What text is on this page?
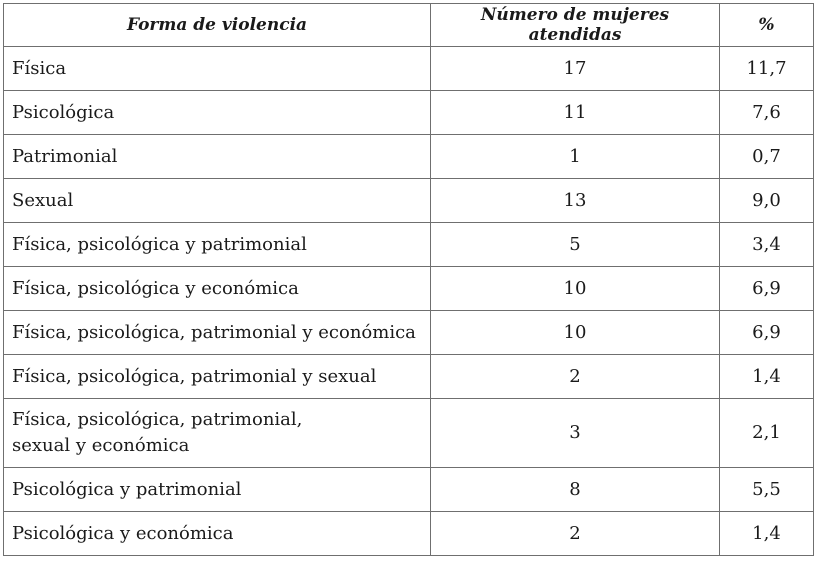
Forma de violencia	Número de mujeres atendidas	%
Física	17	11,7
Psicológica	11	7,6
Patrimonial	1	0,7
Sexual	13	9,0
Física, psicológica y patrimonial	5	3,4
Física, psicológica y económica	10	6,9
Física, psicológica, patrimonial y económica	10	6,9
Física, psicológica, patrimonial y sexual	2	1,4
Física, psicológica, patrimonial,
sexual y económica	3	2,1
Psicológica y patrimonial	8	5,5
Psicológica y económica	2	1,4
